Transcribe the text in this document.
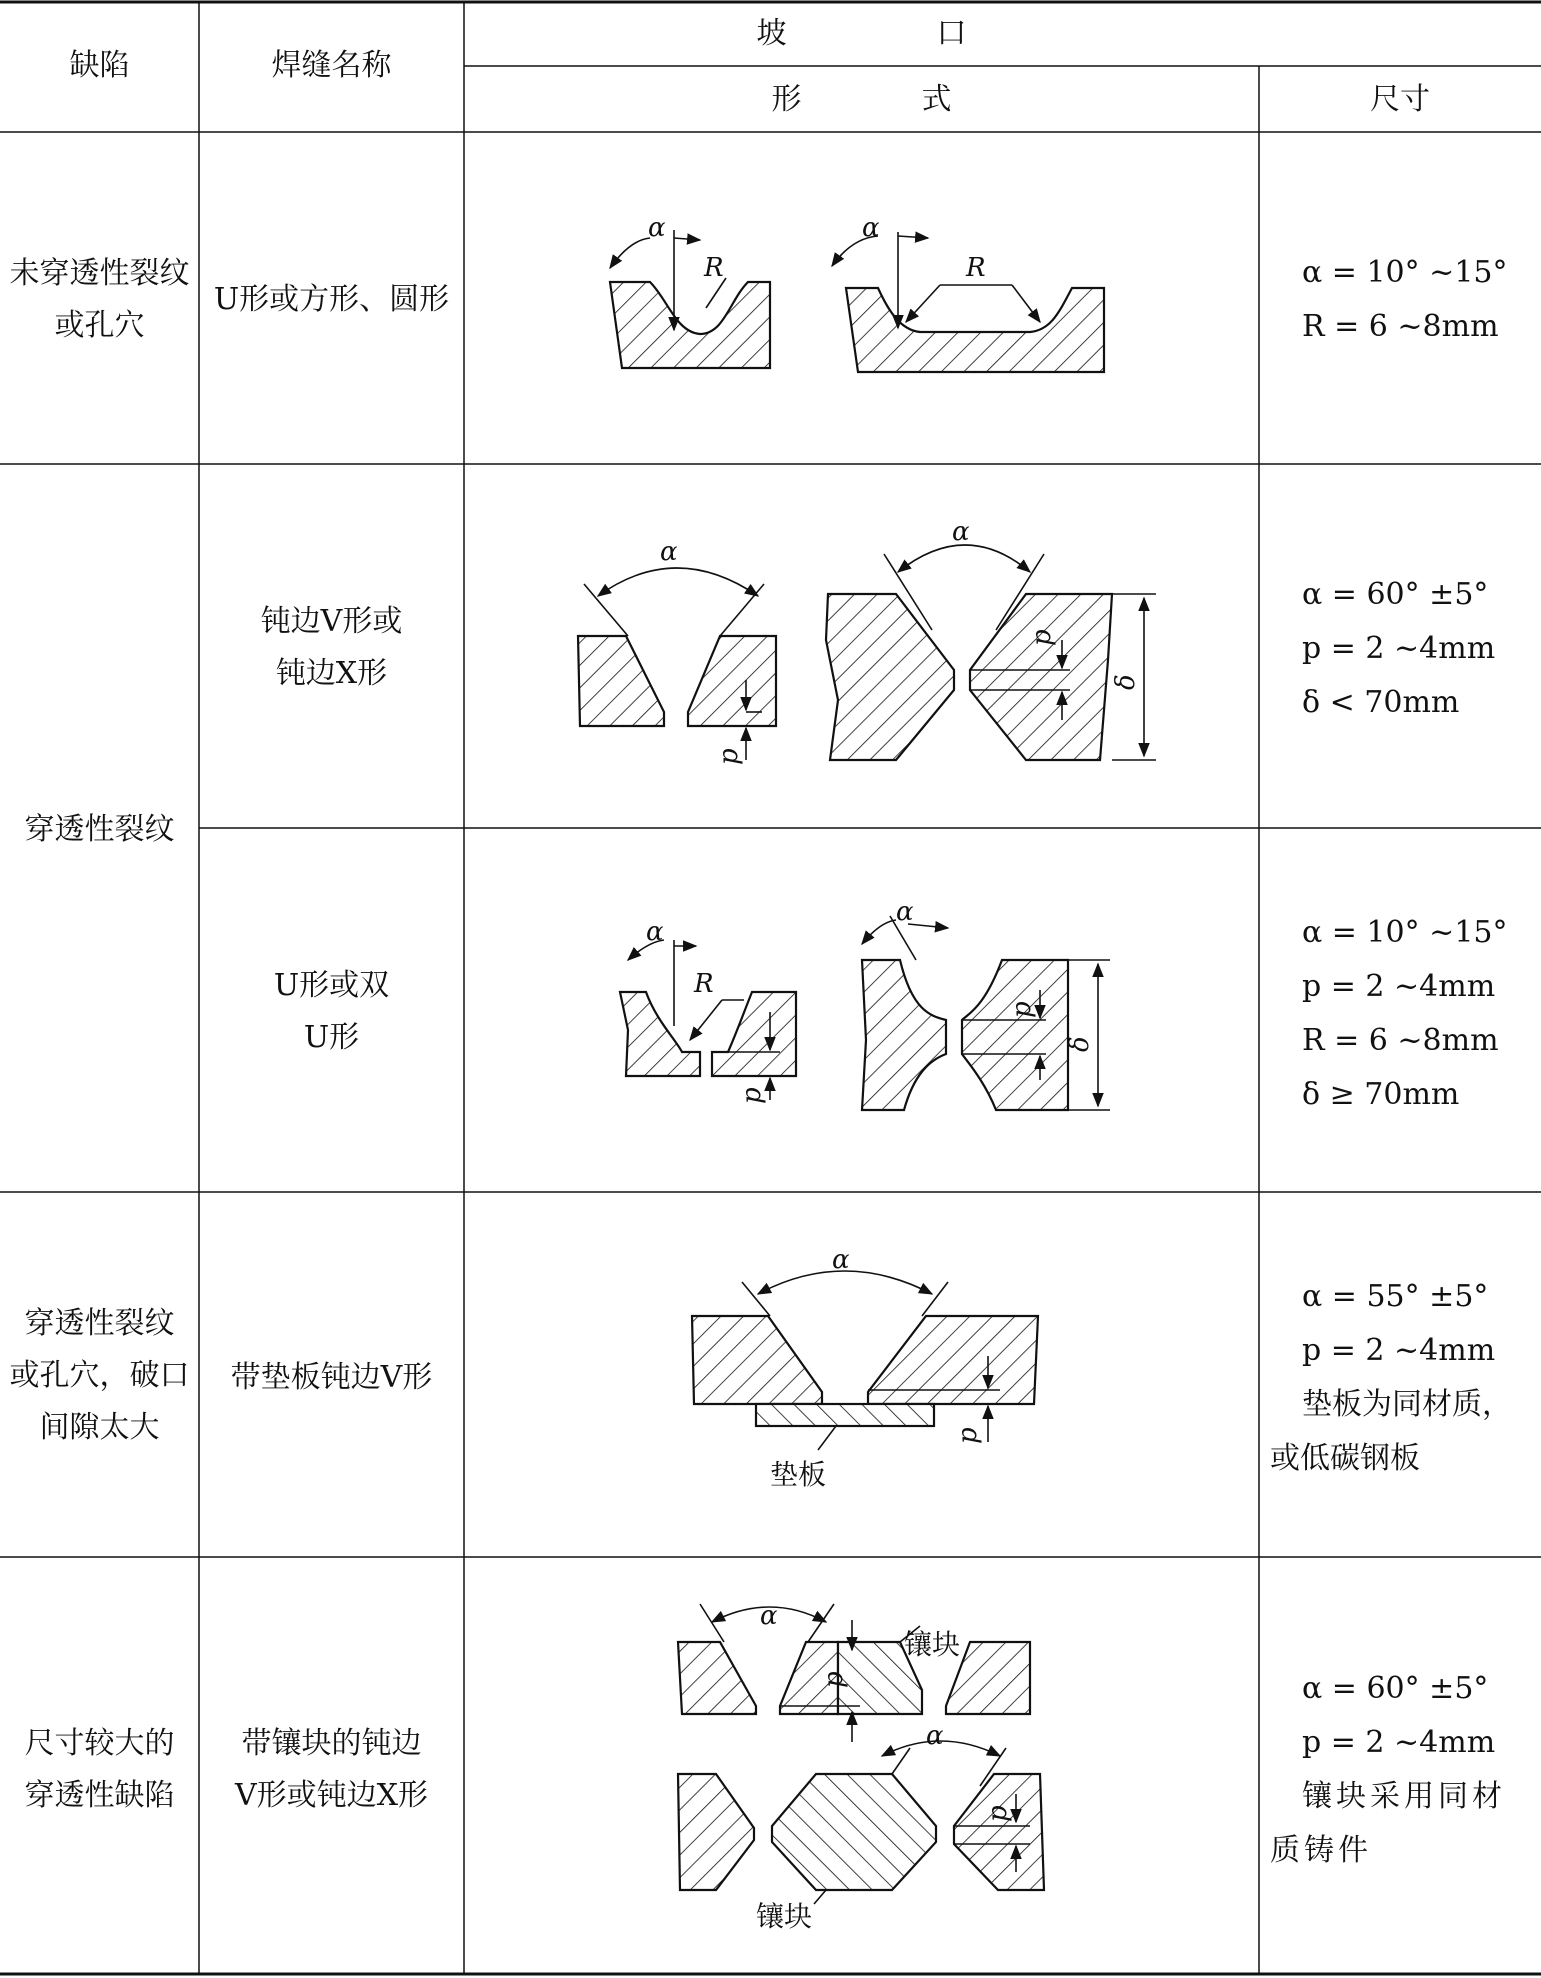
α
R
α
R
α
p
α
p
δ
α
R
p
α
p
δ
α
p
垫板
α
p
镶块
α
p
镶块
缺陷	焊缝名称
坡　　　　　口
形　　　　式	尺寸
未穿透性裂纹
或孔穴
U形或方形、圆形
α = 10° ~15°
R = 6 ~8mm
穿透性裂纹
钝边V形或
钝边X形
α = 60° ±5°
p = 2 ~4mm
δ < 70mm
U形或双
U形
α = 10° ~15°
p = 2 ~4mm
R = 6 ~8mm
δ ≥ 70mm
穿透性裂纹
或孔穴，破口
间隙太大
带垫板钝边V形
α = 55° ±5°
p = 2 ~4mm
垫板为同材质，或低碳钢板
尺寸较大的
穿透性缺陷
带镶块的钝边
V形或钝边X形
α = 60° ±5°
p = 2 ~4mm
镶块采用同材质铸件
